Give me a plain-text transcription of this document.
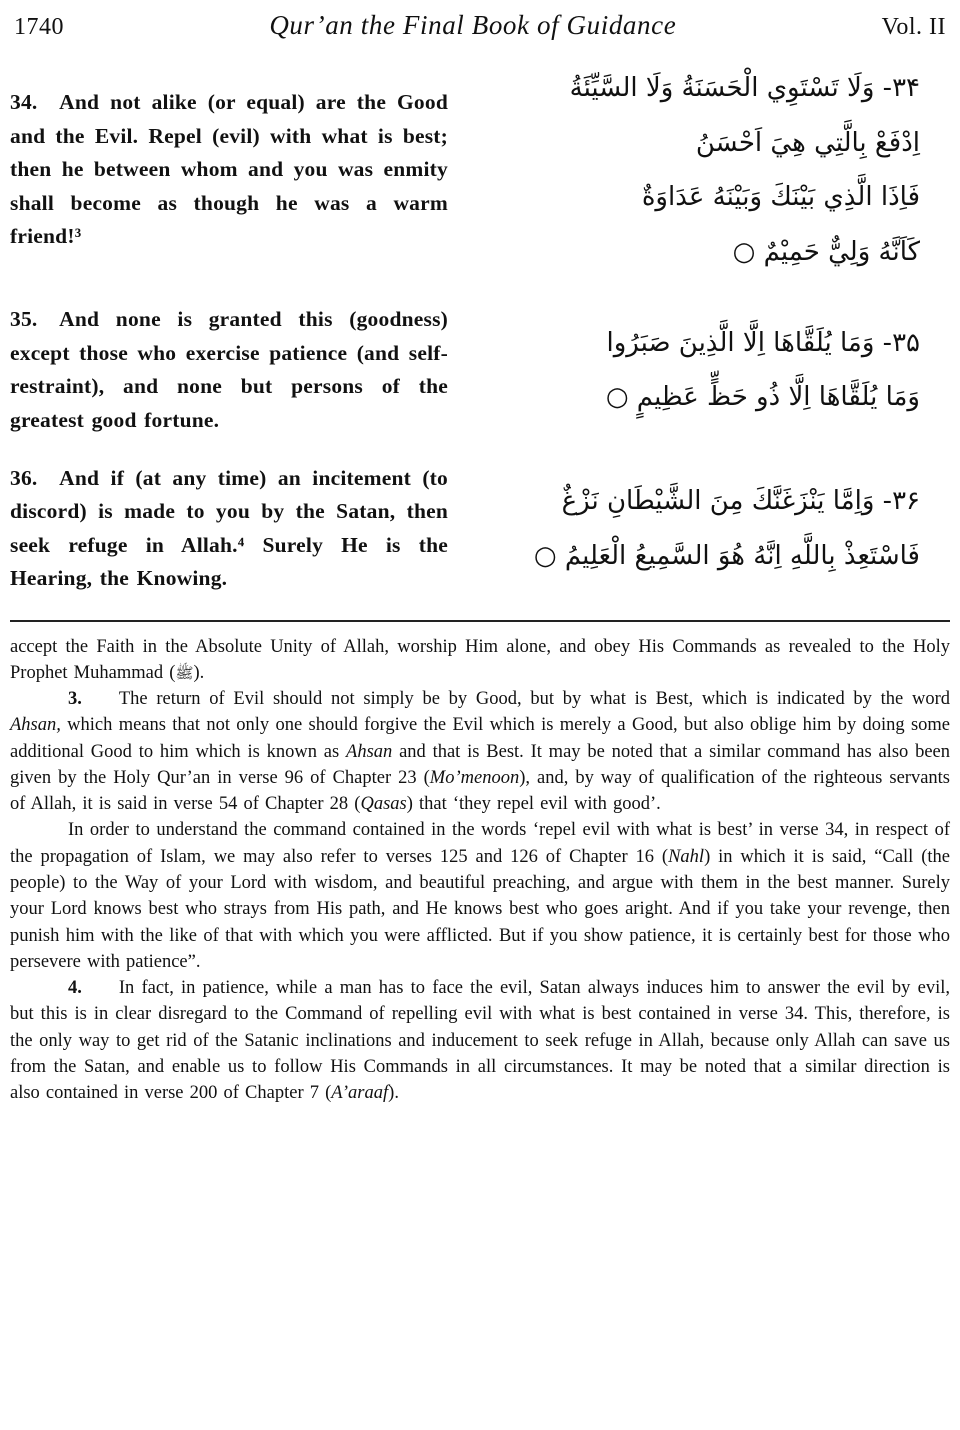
1740	Qur’an the Final Book of Guidance	Vol. II
34. And not alike (or equal) are the Good and the Evil. Repel (evil) with what is best; then he between whom and you was enmity shall become as though he was a warm friend!³
۳۴- وَلَا تَسْتَوِي الْحَسَنَةُ وَلَا السَّيِّئَةُ
اِدْفَعْ بِالَّتِي هِيَ اَحْسَنُ
فَاِذَا الَّذِي بَيْنَكَ وَبَيْنَهُ عَدَاوَةٌ
كَاَنَّهُ وَلِيٌّ حَمِيْمٌ ○
35. And none is granted this (goodness) except those who exercise patience (and self-restraint), and none but persons of the greatest good fortune.
۳۵- وَمَا يُلَقَّاهَا اِلَّا الَّذِينَ صَبَرُوا
وَمَا يُلَقَّاهَا اِلَّا ذُو حَظٍّ عَظِيمٍ ○
36. And if (at any time) an incitement (to discord) is made to you by the Satan, then seek refuge in Allah.⁴ Surely He is the Hearing, the Knowing.
۳۶- وَاِمَّا يَنْزَغَنَّكَ مِنَ الشَّيْطَانِ نَزْغٌ
فَاسْتَعِذْ بِاللَّهِ اِنَّهُ هُوَ السَّمِيعُ الْعَلِيمُ ○

accept the Faith in the Absolute Unity of Allah, worship Him alone, and obey His Commands as revealed to the Holy Prophet Muhammad (ﷺ).

3.  The return of Evil should not simply be by Good, but by what is Best, which is indicated by the word Ahsan, which means that not only one should forgive the Evil which is merely a Good, but also oblige him by doing some additional Good to him which is known as Ahsan and that is Best. It may be noted that a similar command has also been given by the Holy Qur’an in verse 96 of Chapter 23 (Mo’menoon), and, by way of qualification of the righteous servants of Allah, it is said in verse 54 of Chapter 28 (Qasas) that ‘they repel evil with good’.

In order to understand the command contained in the words ‘repel evil with what is best’ in verse 34, in respect of the propagation of Islam, we may also refer to verses 125 and 126 of Chapter 16 (Nahl) in which it is said, “Call (the people) to the Way of your Lord with wisdom, and beautiful preaching, and argue with them in the best manner. Surely your Lord knows best who strays from His path, and He knows best who goes aright. And if you take your revenge, then punish him with the like of that with which you were afflicted. But if you show patience, it is certainly best for those who persevere with patience”.

4.  In fact, in patience, while a man has to face the evil, Satan always induces him to answer the evil by evil, but this is in clear disregard to the Command of repelling evil with what is best contained in verse 34. This, therefore, is the only way to get rid of the Satanic inclinations and inducement to seek refuge in Allah, because only Allah can save us from the Satan, and enable us to follow His Commands in all circumstances. It may be noted that a similar direction is also contained in verse 200 of Chapter 7 (A’araaf).
